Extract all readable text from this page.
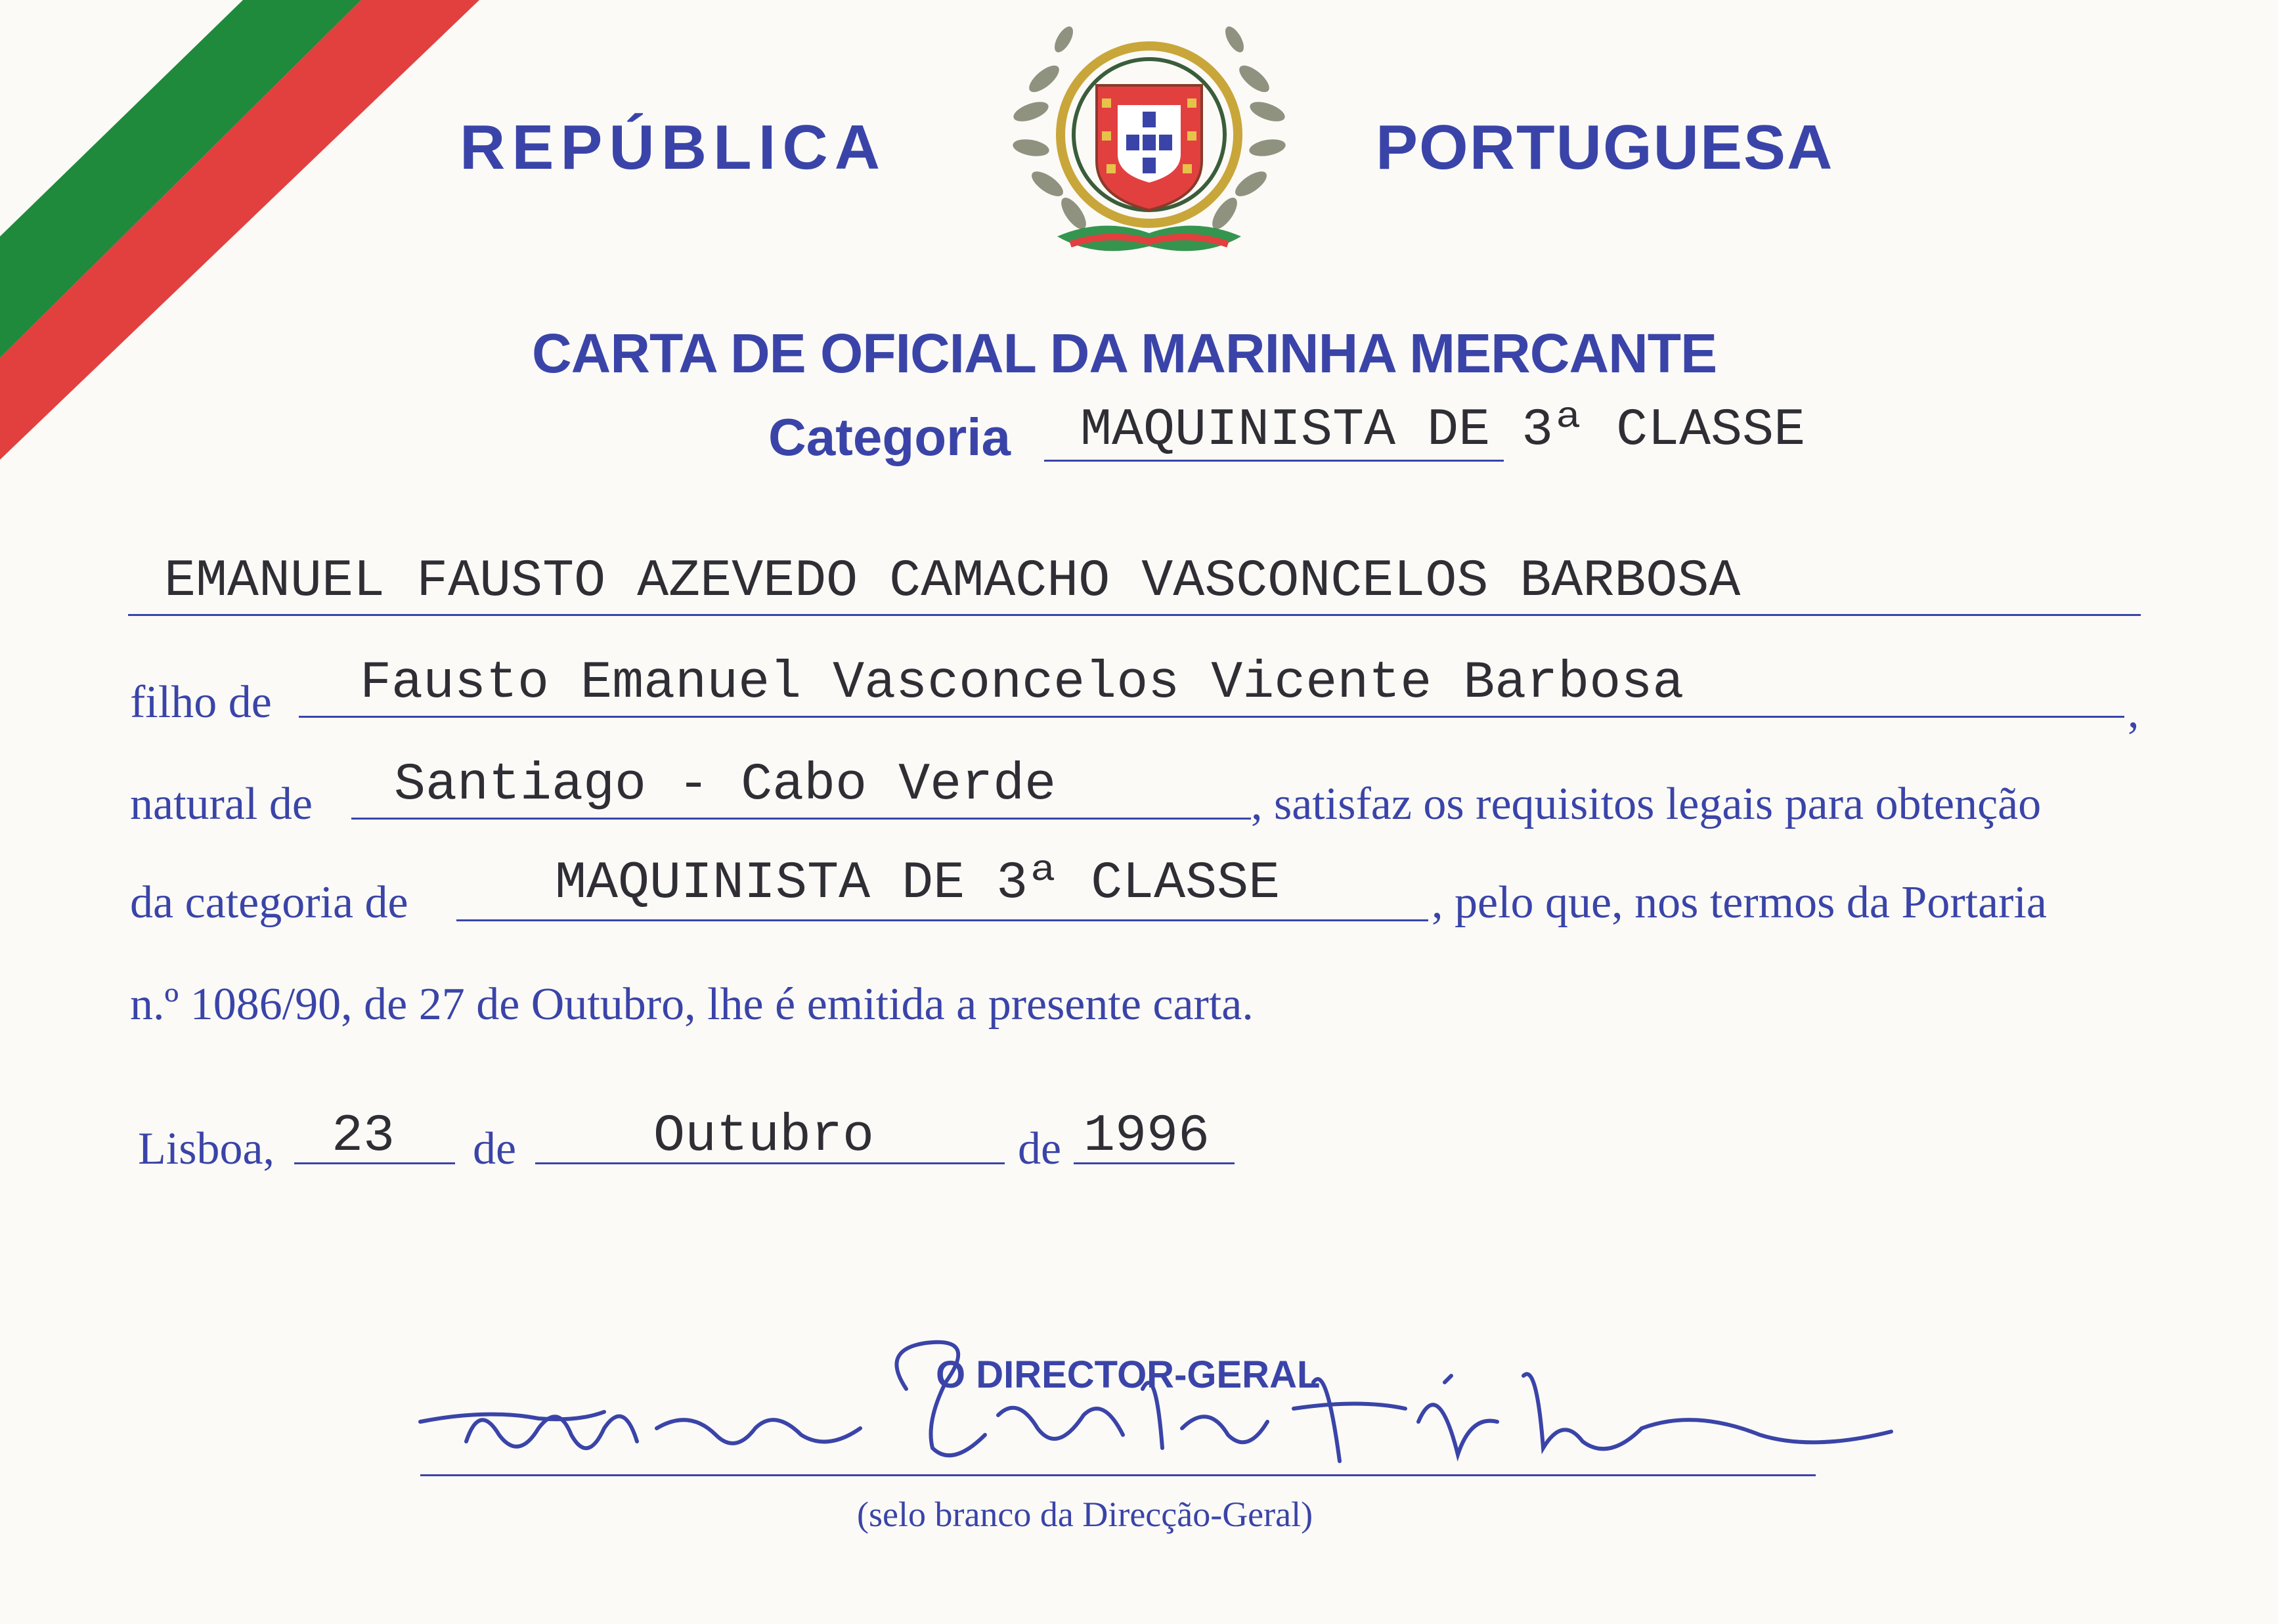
REPÚBLICA	PORTUGUESA
CARTA DE OFICIAL DA MARINHA MERCANTE
Categoria MAQUINISTA DE 3ª CLASSE
EMANUEL FAUSTO AZEVEDO CAMACHO VASCONCELOS BARBOSA
filho de Fausto Emanuel Vasconcelos Vicente Barbosa	,
natural de Santiago - Cabo Verde	, satisfaz os requisitos legais para obtenção
da categoria de	MAQUINISTA DE 3ª CLASSE	, pelo que, nos termos da Portaria
n.º 1086/90, de 27 de Outubro, lhe é emitida a presente carta.
Lisboa, 23 de	Outubro	de 1996
O DIRECTOR-GERAL
(selo branco da Direcção-Geral)
